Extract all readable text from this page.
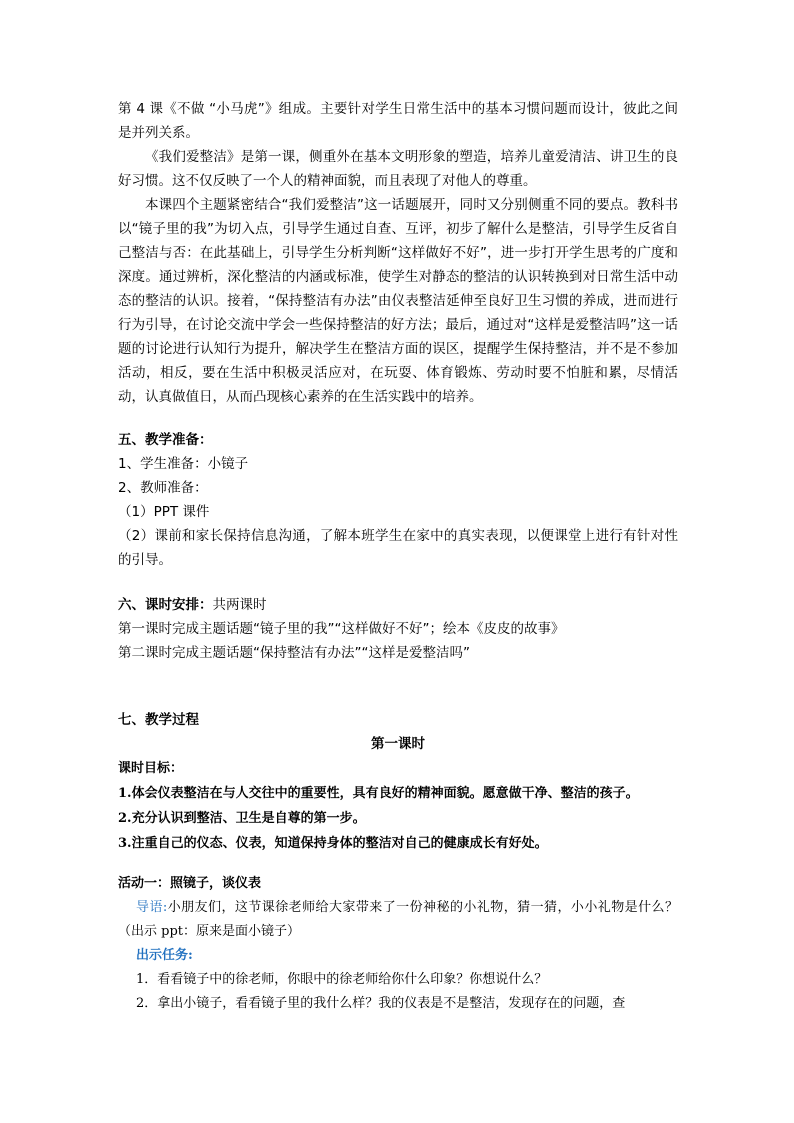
第 4 课《不做 “小马虎”》组成。主要针对学生日常生活中的基本习惯问题而设计，彼此之间是并列关系。

《我们爱整洁》是第一课，侧重外在基本文明形象的塑造，培养儿童爱清洁、讲卫生的良好习惯。这不仅反映了一个人的精神面貌，而且表现了对他人的尊重。

本课四个主题紧密结合“我们爱整洁”这一话题展开，同时又分别侧重不同的要点。教科书以“镜子里的我”为切入点，引导学生通过自查、互评，初步了解什么是整洁，引导学生反省自己整洁与否：在此基础上，引导学生分析判断“这样做好不好”，进一步打开学生思考的广度和深度。通过辨析，深化整洁的内涵或标准，使学生对静态的整洁的认识转换到对日常生活中动态的整洁的认识。接着，“保持整洁有办法”由仪表整洁延伸至良好卫生习惯的养成，进而进行行为引导，在讨论交流中学会一些保持整洁的好方法；最后，通过对“这样是爱整洁吗”这一话题的讨论进行认知行为提升，解决学生在整洁方面的误区，提醒学生保持整洁，并不是不参加活动，相反，要在生活中积极灵活应对，在玩耍、体育锻炼、劳动时要不怕脏和累，尽情活动，认真做值日，从而凸现核心素养的在生活实践中的培养。

五、教学准备：

1、学生准备：小镜子

2、教师准备：

（1）PPT 课件

（2）课前和家长保持信息沟通，了解本班学生在家中的真实表现，以便课堂上进行有针对性的引导。

六、课时安排：共两课时

第一课时完成主题话题“镜子里的我”“这样做好不好”；绘本《皮皮的故事》

第二课时完成主题话题“保持整洁有办法”“这样是爱整洁吗”

七、教学过程

第一课时

课时目标：

1.体会仪表整洁在与人交往中的重要性，具有良好的精神面貌。愿意做干净、整洁的孩子。

2.充分认识到整洁、卫生是自尊的第一步。

3.注重自己的仪态、仪表，知道保持身体的整洁对自己的健康成长有好处。

活动一：照镜子，谈仪表

导语:小朋友们，这节课徐老师给大家带来了一份神秘的小礼物，猜一猜，小小礼物是什么？（出示 ppt：原来是面小镜子）

出示任务:

1．看看镜子中的徐老师，你眼中的徐老师给你什么印象？你想说什么？

2．拿出小镜子，看看镜子里的我什么样？我的仪表是不是整洁，发现存在的问题，查
